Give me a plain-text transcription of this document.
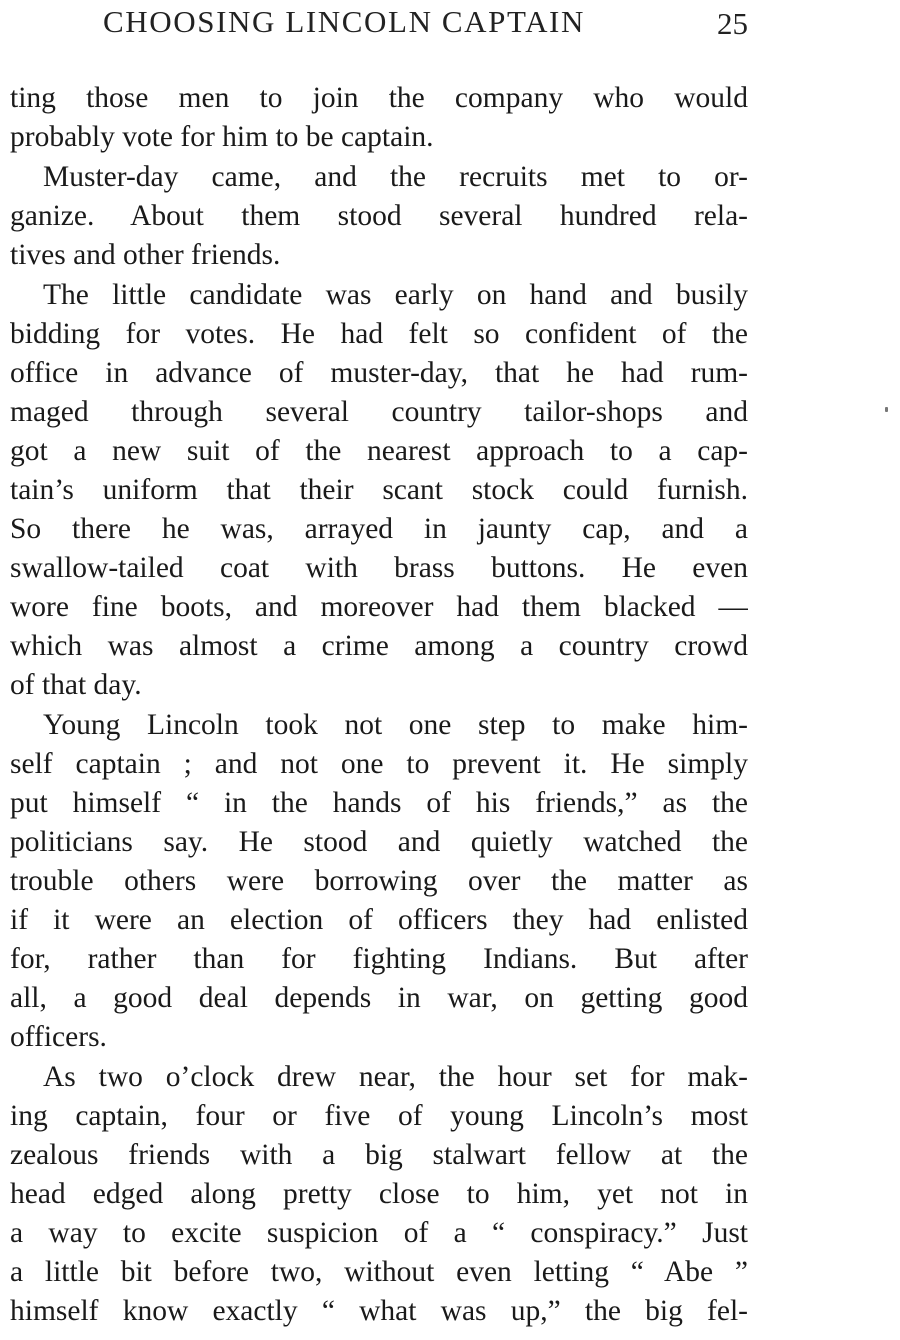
CHOOSING LINCOLN CAPTAIN	25
ting those men to join the company who would
probably vote for him to be captain.
Muster-day came, and the recruits met to or-
ganize. About them stood several hundred rela-
tives and other friends.
The little candidate was early on hand and busily
bidding for votes. He had felt so confident of the
office in advance of muster-day, that he had rum-
maged through several country tailor-shops and
got a new suit of the nearest approach to a cap-
tain’s uniform that their scant stock could furnish.
So there he was, arrayed in jaunty cap, and a
swallow-tailed coat with brass buttons. He even
wore fine boots, and moreover had them blacked —
which was almost a crime among a country crowd
of that day.
Young Lincoln took not one step to make him-
self captain ; and not one to prevent it. He simply
put himself “ in the hands of his friends,” as the
politicians say. He stood and quietly watched the
trouble others were borrowing over the matter as
if it were an election of officers they had enlisted
for, rather than for fighting Indians. But after
all, a good deal depends in war, on getting good
officers.
As two o’clock drew near, the hour set for mak-
ing captain, four or five of young Lincoln’s most
zealous friends with a big stalwart fellow at the
head edged along pretty close to him, yet not in
a way to excite suspicion of a “ conspiracy.” Just
a little bit before two, without even letting “ Abe ”
himself know exactly “ what was up,” the big fel-
